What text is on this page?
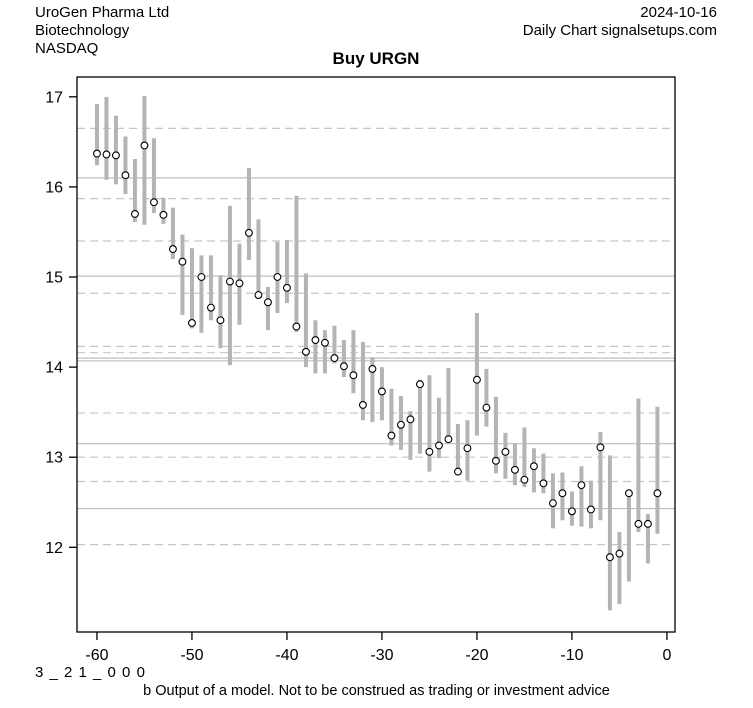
UroGen Pharma Ltd
Biotechnology
NASDAQ
2024-10-16
Daily Chart signalsetups.com
Buy URGN
12
13
14
15
16
17
-60	-50	-40	-30	-20	-10	0
3 _ 2 1 _ 0 0 0
b Output of a model. Not to be construed as trading or investment advice
